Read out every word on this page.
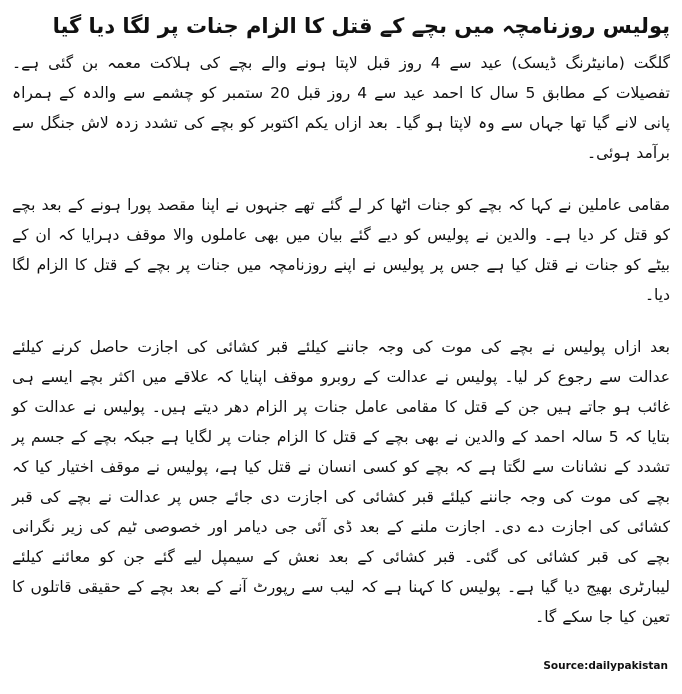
پولیس روزنامچہ میں بچے کے قتل کا الزام جنات پر لگا دیا گیا

گلگت (مانیٹرنگ ڈیسک) عید سے 4 روز قبل لاپتا ہونے والے بچے کی ہلاکت معمہ بن گئی ہے۔ تفصیلات کے مطابق 5 سال کا احمد عید سے 4 روز قبل 20 ستمبر کو چشمے سے والدہ کے ہمراہ پانی لانے گیا تھا جہاں سے وہ لاپتا ہو گیا۔ بعد ازاں یکم اکتوبر کو بچے کی تشدد زدہ لاش جنگل سے برآمد ہوئی۔

مقامی عاملین نے کہا کہ بچے کو جنات اٹھا کر لے گئے تھے جنہوں نے اپنا مقصد پورا ہونے کے بعد بچے کو قتل کر دیا ہے۔ والدین نے پولیس کو دیے گئے بیان میں بھی عاملوں والا موقف دہرایا کہ ان کے بیٹے کو جنات نے قتل کیا ہے جس پر پولیس نے اپنے روزنامچہ میں جنات پر بچے کے قتل کا الزام لگا دیا۔

بعد ازاں پولیس نے بچے کی موت کی وجہ جاننے کیلئے قبر کشائی کی اجازت حاصل کرنے کیلئے عدالت سے رجوع کر لیا۔ پولیس نے عدالت کے روبرو موقف اپنایا کہ علاقے میں اکثر بچے ایسے ہی غائب ہو جاتے ہیں جن کے قتل کا مقامی عامل جنات پر الزام دھر دیتے ہیں۔ پولیس نے عدالت کو بتایا کہ 5 سالہ احمد کے والدین نے بھی بچے کے قتل کا الزام جنات پر لگایا ہے جبکہ بچے کے جسم پر تشدد کے نشانات سے لگتا ہے کہ بچے کو کسی انسان نے قتل کیا ہے، پولیس نے موقف اختیار کیا کہ بچے کی موت کی وجہ جاننے کیلئے قبر کشائی کی اجازت دی جائے جس پر عدالت نے بچے کی قبر کشائی کی اجازت دے دی۔ اجازت ملنے کے بعد ڈی آئی جی دیامر اور خصوصی ٹیم کی زیر نگرانی بچے کی قبر کشائی کی گئی۔ قبر کشائی کے بعد نعش کے سیمپل لیے گئے جن کو معائنے کیلئے لیبارٹری بھیج دیا گیا ہے۔ پولیس کا کہنا ہے کہ لیب سے رپورٹ آنے کے بعد بچے کے حقیقی قاتلوں کا تعین کیا جا سکے گا۔

Source:dailypakistan
